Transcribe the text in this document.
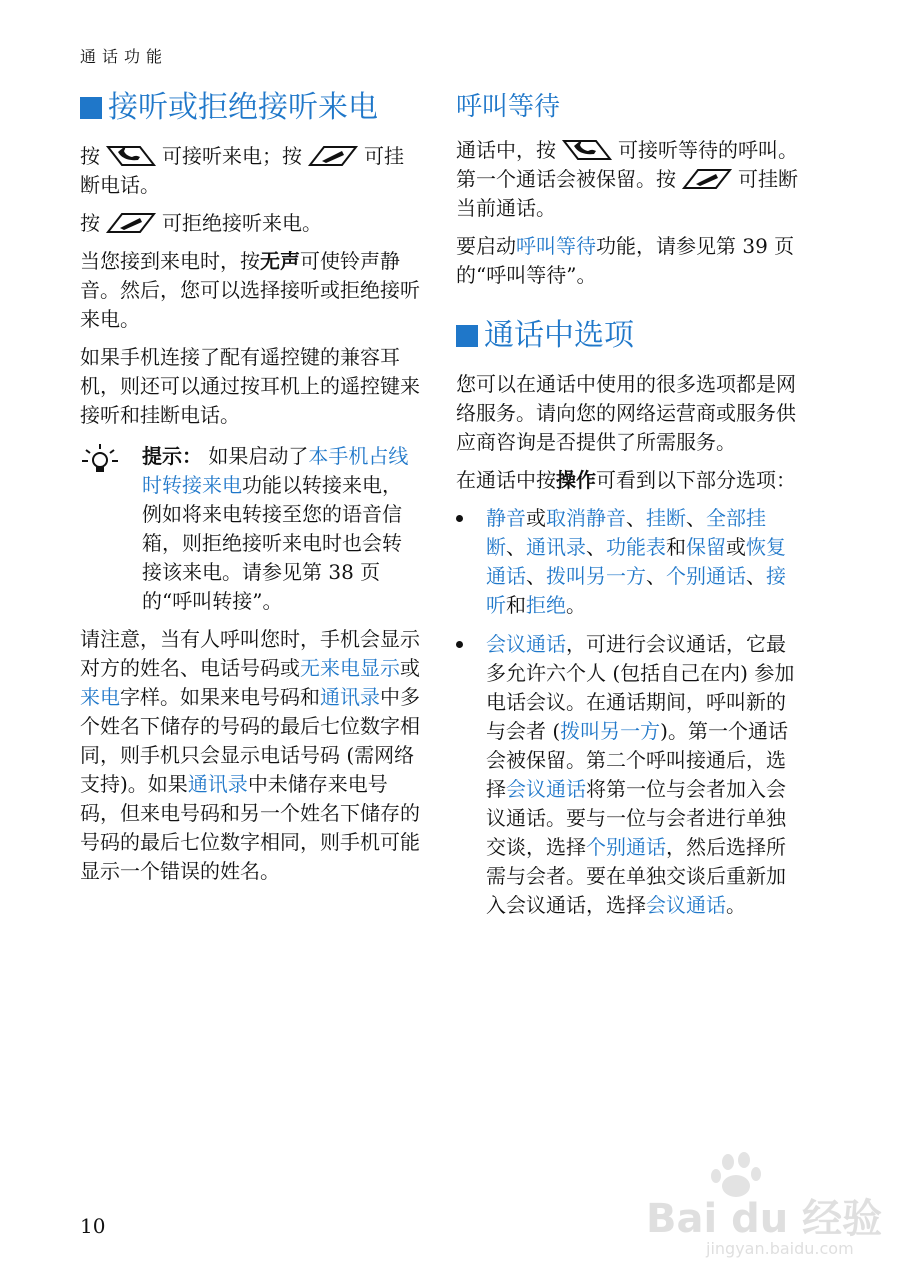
通话功能
接听或拒绝接听来电

按	可接听来电；按	可挂断电话。

按	可拒绝接听来电。

当您接到来电时，按无声可使铃声静音。然后，您可以选择接听或拒绝接听来电。

如果手机连接了配有遥控键的兼容耳机，则还可以通过按耳机上的遥控键来接听和挂断电话。

提示： 如果启动了本手机占线时转接来电功能以转接来电，例如将来电转接至您的语音信箱，则拒绝接听来电时也会转接该来电。请参见第 38 页的“呼叫转接”。

请注意，当有人呼叫您时，手机会显示对方的姓名、电话号码或无来电显示或来电字样。如果来电号码和通讯录中多个姓名下储存的号码的最后七位数字相同，则手机只会显示电话号码 (需网络支持)。如果通讯录中未储存来电号码，但来电号码和另一个姓名下储存的号码的最后七位数字相同，则手机可能显示一个错误的姓名。

呼叫等待

通话中，按	可接听等待的呼叫。第一个通话会被保留。按	可挂断当前通话。

要启动呼叫等待功能，请参见第 39 页的“呼叫等待”。

通话中选项

您可以在通话中使用的很多选项都是网络服务。请向您的网络运营商或服务供应商咨询是否提供了所需服务。

在通话中按操作可看到以下部分选项：

静音或取消静音、挂断、全部挂断、通讯录、功能表和保留或恢复通话、拨叫另一方、个别通话、接听和拒绝。
会议通话，可进行会议通话，它最多允许六个人 (包括自己在内) 参加电话会议。在通话期间，呼叫新的与会者 (拨叫另一方)。第一个通话会被保留。第二个呼叫接通后，选择会议通话将第一位与会者加入会议通话。要与一位与会者进行单独交谈，选择个别通话，然后选择所需与会者。要在单独交谈后重新加入会议通话，选择会议通话。
10	Bai du 经验
jingyan.baidu.com
